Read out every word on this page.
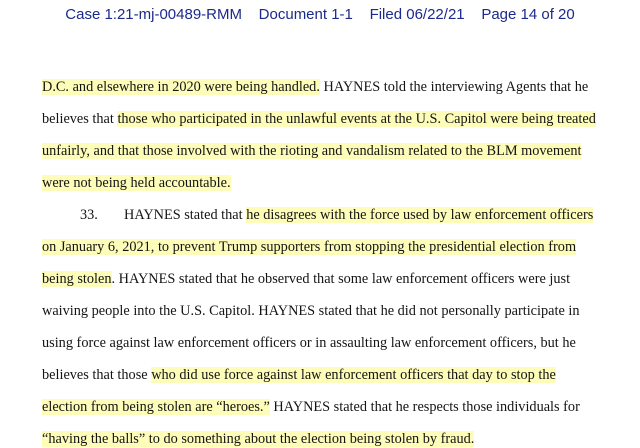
Case 1:21-mj-00489-RMM Document 1-1 Filed 06/22/21 Page 14 of 20
D.C. and elsewhere in 2020 were being handled. HAYNES told the interviewing Agents that he
believes that those who participated in the unlawful events at the U.S. Capitol were being treated
unfairly, and that those involved with the rioting and vandalism related to the BLM movement
were not being held accountable.
33. HAYNES stated that he disagrees with the force used by law enforcement officers
on January 6, 2021, to prevent Trump supporters from stopping the presidential election from
being stolen. HAYNES stated that he observed that some law enforcement officers were just
waiving people into the U.S. Capitol. HAYNES stated that he did not personally participate in
using force against law enforcement officers or in assaulting law enforcement officers, but he
believes that those who did use force against law enforcement officers that day to stop the
election from being stolen are “heroes.” HAYNES stated that he respects those individuals for
“having the balls” to do something about the election being stolen by fraud.
